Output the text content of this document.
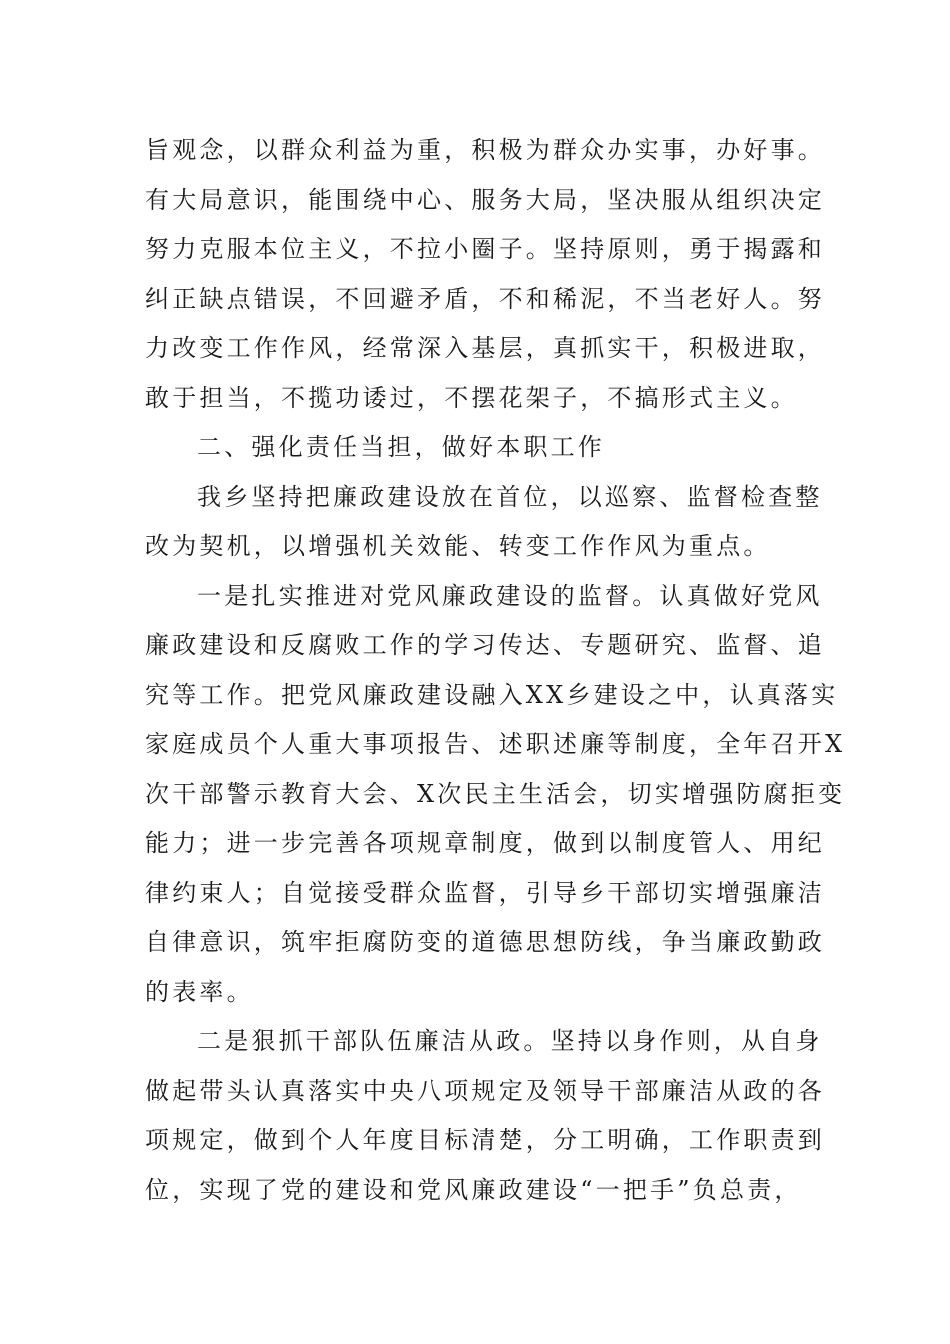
旨观念，以群众利益为重，积极为群众办实事，办好事。
有大局意识，能围绕中心、服务大局，坚决服从组织决定
努力克服本位主义，不拉小圈子。坚持原则，勇于揭露和
纠正缺点错误，不回避矛盾，不和稀泥，不当老好人。努
力改变工作作风，经常深入基层，真抓实干，积极进取，
敢于担当，不揽功诿过，不摆花架子，不搞形式主义。
二、强化责任当担，做好本职工作
我乡坚持把廉政建设放在首位，以巡察、监督检查整
改为契机，以增强机关效能、转变工作作风为重点。
一是扎实推进对党风廉政建设的监督。认真做好党风
廉政建设和反腐败工作的学习传达、专题研究、监督、追
究等工作。把党风廉政建设融入XX乡建设之中，认真落实
家庭成员个人重大事项报告、述职述廉等制度，全年召开X
次干部警示教育大会、X次民主生活会，切实增强防腐拒变
能力；进一步完善各项规章制度，做到以制度管人、用纪
律约束人；自觉接受群众监督，引导乡干部切实增强廉洁
自律意识，筑牢拒腐防变的道德思想防线，争当廉政勤政
的表率。
二是狠抓干部队伍廉洁从政。坚持以身作则，从自身
做起带头认真落实中央八项规定及领导干部廉洁从政的各
项规定，做到个人年度目标清楚，分工明确，工作职责到
位，实现了党的建设和党风廉政建设“一把手”负总责，
